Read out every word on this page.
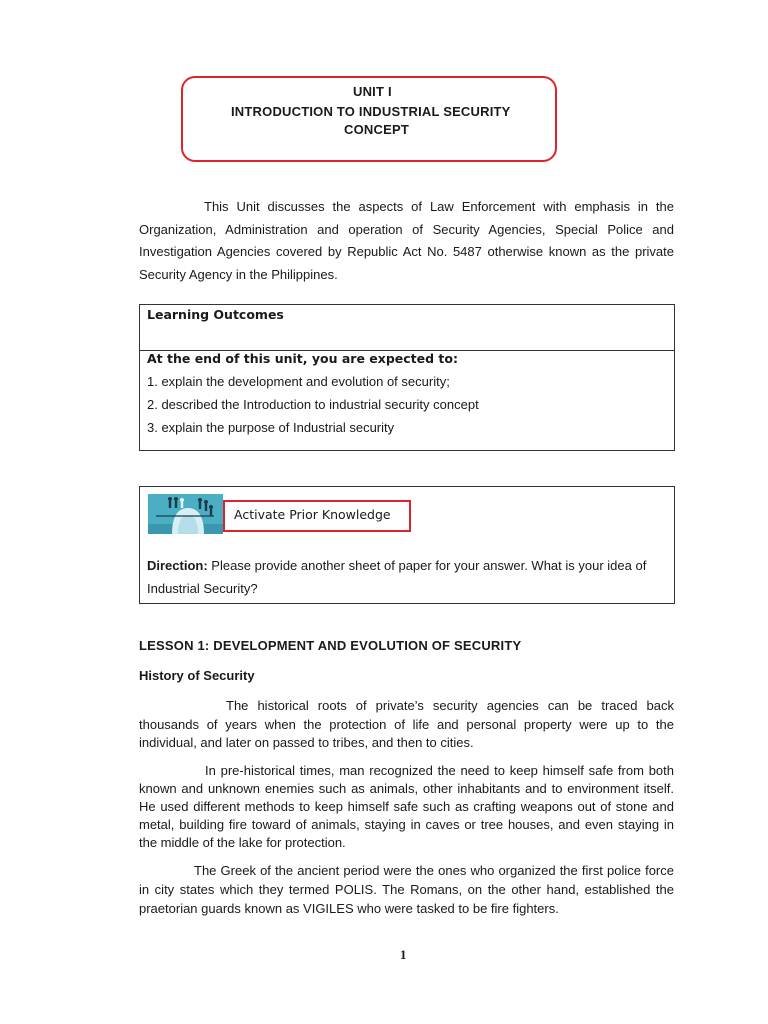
UNIT I
INTRODUCTION TO INDUSTRIAL SECURITY
CONCEPT

This Unit discusses the aspects of Law Enforcement with emphasis in the Organization, Administration and operation of Security Agencies, Special Police and Investigation Agencies covered by Republic Act No. 5487 otherwise known as the private Security Agency in the Philippines.

Learning Outcomes
At the end of this unit, you are expected to:
1. explain the development and evolution of security;
2. described the Introduction to industrial security concept
3. explain the purpose of Industrial security
Activate Prior Knowledge

Direction: Please provide another sheet of paper for your answer. What is your idea of Industrial Security?

LESSON 1: DEVELOPMENT AND EVOLUTION OF SECURITY
History of Security

The historical roots of private’s security agencies can be traced back thousands of years when the protection of life and personal property were up to the individual, and later on passed to tribes, and then to cities.

In pre-historical times, man recognized the need to keep himself safe from both known and unknown enemies such as animals, other inhabitants and to environment itself. He used different methods to keep himself safe such as crafting weapons out of stone and metal, building fire toward of animals, staying in caves or tree houses, and even staying in the middle of the lake for protection.

The Greek of the ancient period were the ones who organized the first police force in city states which they termed POLIS. The Romans, on the other hand, established the praetorian guards known as VIGILES who were tasked to be fire fighters.

1
